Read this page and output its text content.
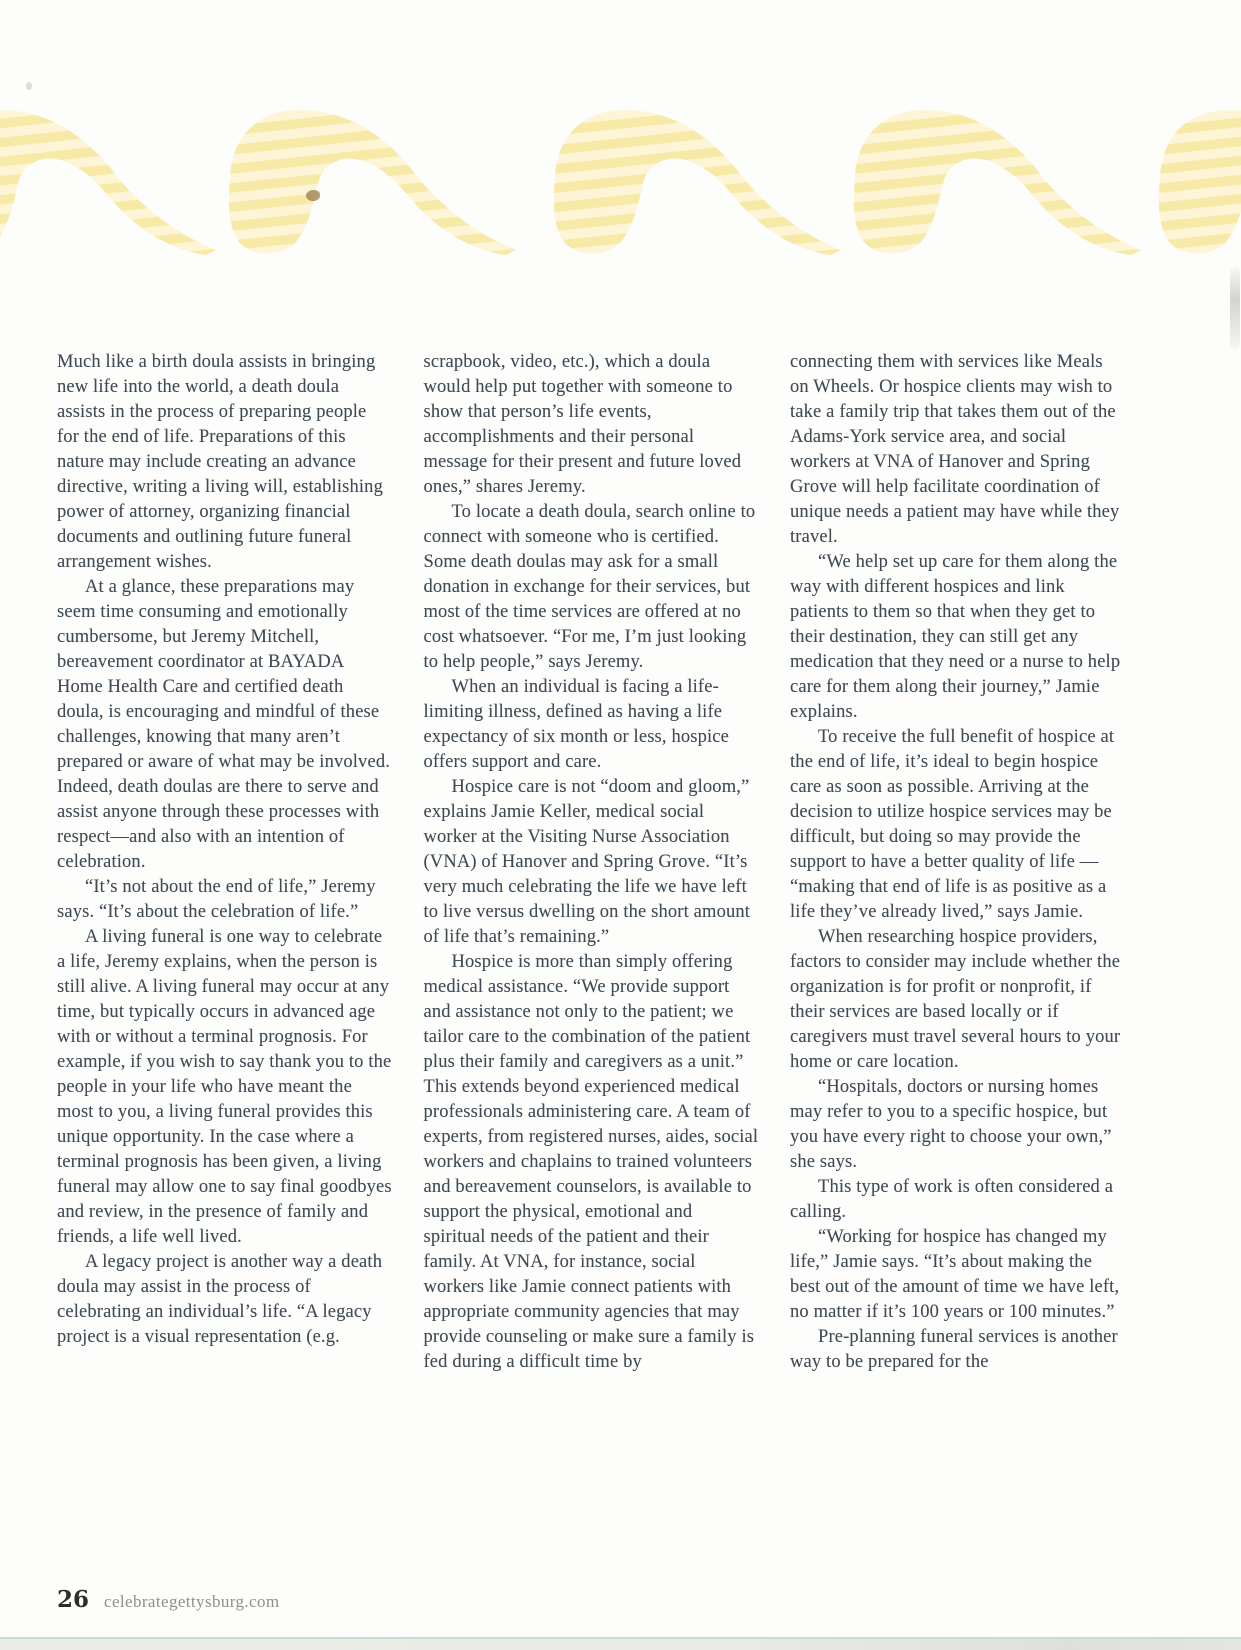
Much like a birth doula assists in bringing new life into the world, a death doula assists in the process of preparing people for the end of life. Preparations of this nature may include creating an advance directive, writing a living will, establishing power of attorney, organizing financial documents and outlining future funeral arrangement wishes.

At a glance, these preparations may seem time consuming and emotionally cumbersome, but Jeremy Mitchell, bereavement coordinator at BAYADA Home Health Care and certified death doula, is encouraging and mindful of these challenges, knowing that many aren’t prepared or aware of what may be involved. Indeed, death doulas are there to serve and assist anyone through these processes with respect—and also with an intention of celebration.

“It’s not about the end of life,” Jeremy says. “It’s about the celebration of life.”

A living funeral is one way to celebrate a life, Jeremy explains, when the person is still alive. A living funeral may occur at any time, but typically occurs in advanced age with or without a terminal prognosis. For example, if you wish to say thank you to the people in your life who have meant the most to you, a living funeral provides this unique opportunity. In the case where a terminal prognosis has been given, a living funeral may allow one to say final goodbyes and review, in the presence of family and friends, a life well lived.

A legacy project is another way a death doula may assist in the process of celebrating an individual’s life. “A legacy project is a visual representation (e.g.

scrapbook, video, etc.), which a doula would help put together with someone to show that person’s life events, accomplishments and their personal message for their present and future loved ones,” shares Jeremy.

To locate a death doula, search online to connect with someone who is certified. Some death doulas may ask for a small donation in exchange for their services, but most of the time services are offered at no cost whatsoever. “For me, I’m just looking to help people,” says Jeremy.

When an individual is facing a life-limiting illness, defined as having a life expectancy of six month or less, hospice offers support and care.

Hospice care is not “doom and gloom,” explains Jamie Keller, medical social worker at the Visiting Nurse Association (VNA) of Hanover and Spring Grove. “It’s very much celebrating the life we have left to live versus dwelling on the short amount of life that’s remaining.”

Hospice is more than simply offering medical assistance. “We provide support and assistance not only to the patient; we tailor care to the combination of the patient plus their family and caregivers as a unit.” This extends beyond experienced medical professionals administering care. A team of experts, from registered nurses, aides, social workers and chaplains to trained volunteers and bereavement counselors, is available to support the physical, emotional and spiritual needs of the patient and their family. At VNA, for instance, social workers like Jamie connect patients with appropriate community agencies that may provide counseling or make sure a family is fed during a difficult time by

connecting them with services like Meals on Wheels. Or hospice clients may wish to take a family trip that takes them out of the Adams-York service area, and social workers at VNA of Hanover and Spring Grove will help facilitate coordination of unique needs a patient may have while they travel.

“We help set up care for them along the way with different hospices and link patients to them so that when they get to their destination, they can still get any medication that they need or a nurse to help care for them along their journey,” Jamie explains.

To receive the full benefit of hospice at the end of life, it’s ideal to begin hospice care as soon as possible. Arriving at the decision to utilize hospice services may be difficult, but doing so may provide the support to have a better quality of life — “making that end of life is as positive as a life they’ve already lived,” says Jamie.

When researching hospice providers, factors to consider may include whether the organization is for profit or nonprofit, if their services are based locally or if caregivers must travel several hours to your home or care location.

“Hospitals, doctors or nursing homes may refer to you to a specific hospice, but you have every right to choose your own,” she says.

This type of work is often considered a calling.

“Working for hospice has changed my life,” Jamie says. “It’s about making the best out of the amount of time we have left, no matter if it’s 100 years or 100 minutes.”

Pre-planning funeral services is another way to be prepared for the

26 celebrategettysburg.com
